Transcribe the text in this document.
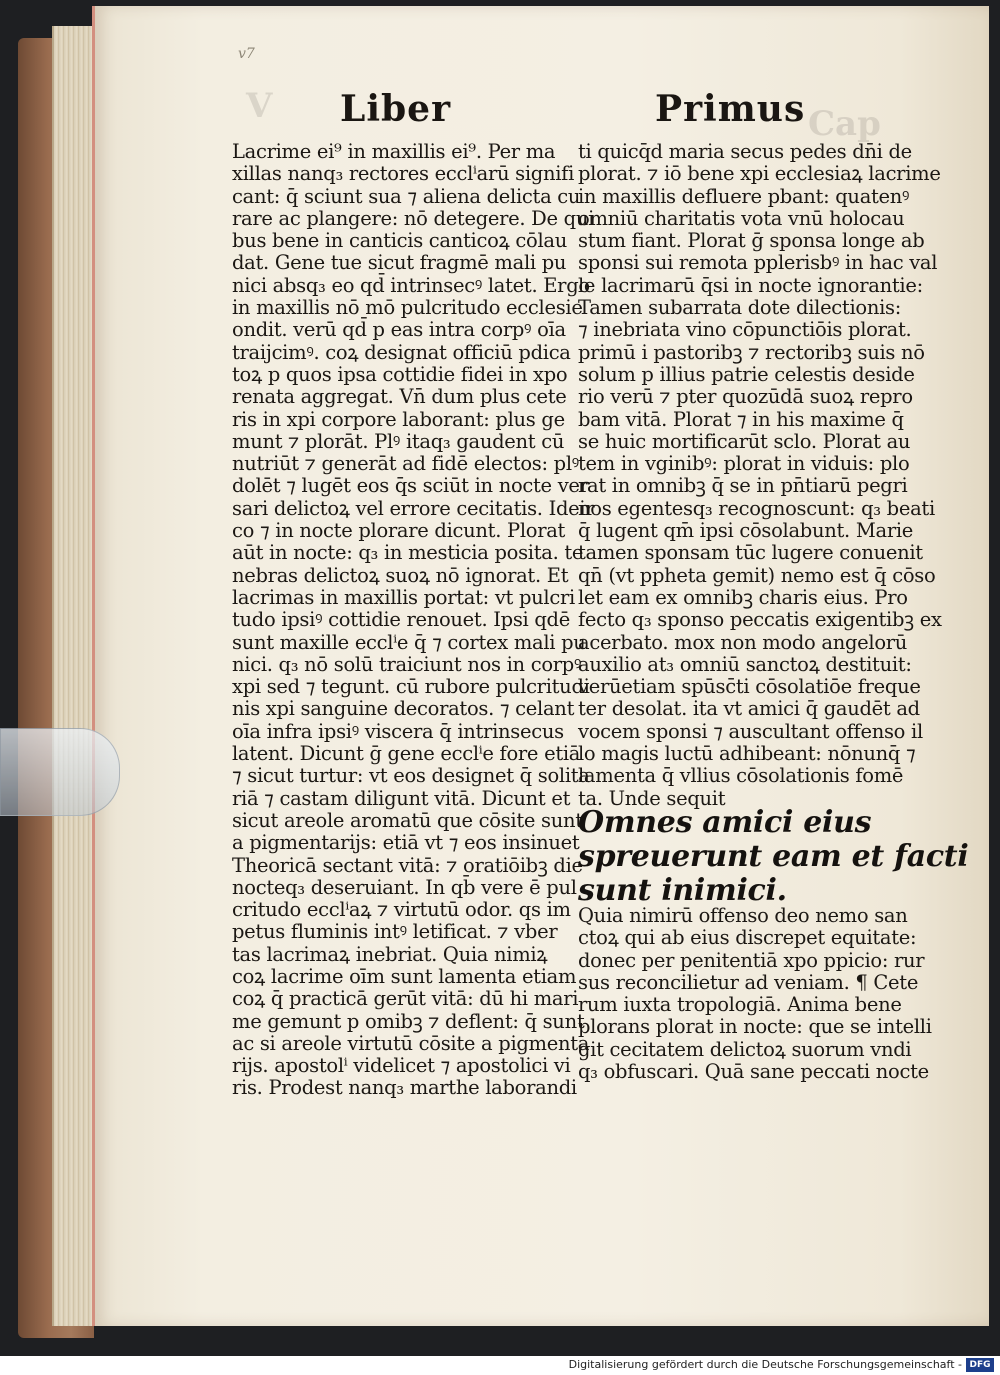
v7
V	Cap
Liber	Primus
Lacrime ei⁹ in maxillis ei⁹. Per ma
xillas nanq₃ rectores ecclⁱarū signifi
cant: q̄ sciunt sua ⁊ aliena delicta cu
rare ac plangere: nō detegere. De qui
bus bene in canticis canticoꝝ cōlau
dat. Gene tue sicut fragmē mali pu
nici absq₃ eo qd̄ intrinsecꝰ latet. Ergo
in maxillis nō mō pulcritudo ecclesie
ondit. verū qd̄ p eas intra corpꝰ oīa
traijcimꝰ. coꝝ designat officiū pdica
toꝝ p quos ipsa cottidie fidei in xpo
renata aggregat. Vn̄ dum plus cete
ris in xpi corpore laborant: plus ge
munt ⁊ plorāt. Plꝰ itaq₃ gaudent cū
nutriūt ⁊ generāt ad fidē electos: plꝰ
dolēt ⁊ lugēt eos q̄s sciūt in nocte ver
sari delictoꝝ vel errore cecitatis. Ideir
co ⁊ in nocte plorare dicunt. Plorat
aūt in nocte: q₃ in mesticia posita. te
nebras delictoꝝ suoꝝ nō ignorat. Et
lacrimas in maxillis portat: vt pulcri
tudo ipsiꝰ cottidie renouet. Ipsi qdē
sunt maxille ecclⁱe q̄ ⁊ cortex mali pu
nici. q₃ nō solū traiciunt nos in corpꝰ
xpi sed ⁊ tegunt. cū rubore pulcritudi
nis xpi sanguine decoratos. ⁊ celant
oīa infra ipsiꝰ viscera q̄ intrinsecus
latent. Dicunt ḡ gene ecclⁱe fore etiā
⁊ sicut turtur: vt eos designet q̄ solita
riā ⁊ castam diligunt vitā. Dicunt et
sicut areole aromatū que cōsite sunt
a pigmentarijs: etiā vt ⁊ eos insinuet
Theoricā sectant vitā: ⁊ oratiōibꝫ die
nocteq₃ deseruiant. In qb̄ vere ē pul
critudo ecclⁱaꝝ ⁊ virtutū odor. qs im
petus fluminis intꝰ letificat. ⁊ vber
tas lacrimaꝝ inebriat. Quia nimiꝝ
coꝝ lacrime oīm sunt lamenta etiam
coꝝ q̄ practicā gerūt vitā: dū hi mari
me gemunt p omibꝫ ⁊ deflent: q̄ sunt
ac si areole virtutū cōsite a pigmenta
rijs. apostolⁱ videlicet ⁊ apostolici vi
ris. Prodest nanq₃ marthe laborandi
ti quicq̄d maria secus pedes dn̄i de
plorat. ⁊ iō bene xpi ecclesiaꝝ lacrime
in maxillis defluere pbant: quatenꝰ
omniū charitatis vota vnū holocau
stum fiant. Plorat ḡ sponsa longe ab
sponsi sui remota pplerisbꝰ in hac val
le lacrimarū q̄si in nocte ignorantie:
Tamen subarrata dote dilectionis:
⁊ inebriata vino cōpunctiōis plorat.
primū i pastoribꝫ ⁊ rectoribꝫ suis nō
solum p illius patrie celestis deside
rio verū ⁊ pter quozūdā suoꝝ repro
bam vitā. Plorat ⁊ in his maxime q̄
se huic mortificarūt sclo. Plorat au
tem in vginibꝰ: plorat in viduis: plo
rat in omnibꝫ q̄ se in pn̄tiarū pegri
nos egentesq₃ recognoscunt: q₃ beati
q̄ lugent qm̄ ipsi cōsolabunt. Marie
tamen sponsam tūc lugere conuenit
qn̄ (vt ppheta gemit) nemo est q̄ cōso
let eam ex omnibꝫ charis eius. Pro
fecto q₃ sponso peccatis exigentibꝫ ex
acerbato. mox non modo angelorū
auxilio at₃ omniū sanctoꝝ destituit:
verūetiam spūsc̄ti cōsolatiōe freque
ter desolat. ita vt amici q̄ gaudēt ad
vocem sponsi ⁊ auscultant offenso il
lo magis luctū adhibeant: nōnunq̄ ⁊
lamenta q̄ vllius cōsolationis fomē
ta. Unde sequit
Omnes amici eius
spreuerunt eam et facti
sunt inimici.
Quia nimirū offenso deo nemo san
ctoꝝ qui ab eius discrepet equitate:
donec per penitentiā xpo ppicio: rur
sus reconcilietur ad veniam. ¶ Cete
rum iuxta tropologiā. Anima bene
plorans plorat in nocte: que se intelli
git cecitatem delictoꝝ suorum vndi
q₃ obfuscari. Quā sane peccati nocte
Digitalisierung gefördert durch die Deutsche Forschungsgemeinschaft - DFG
